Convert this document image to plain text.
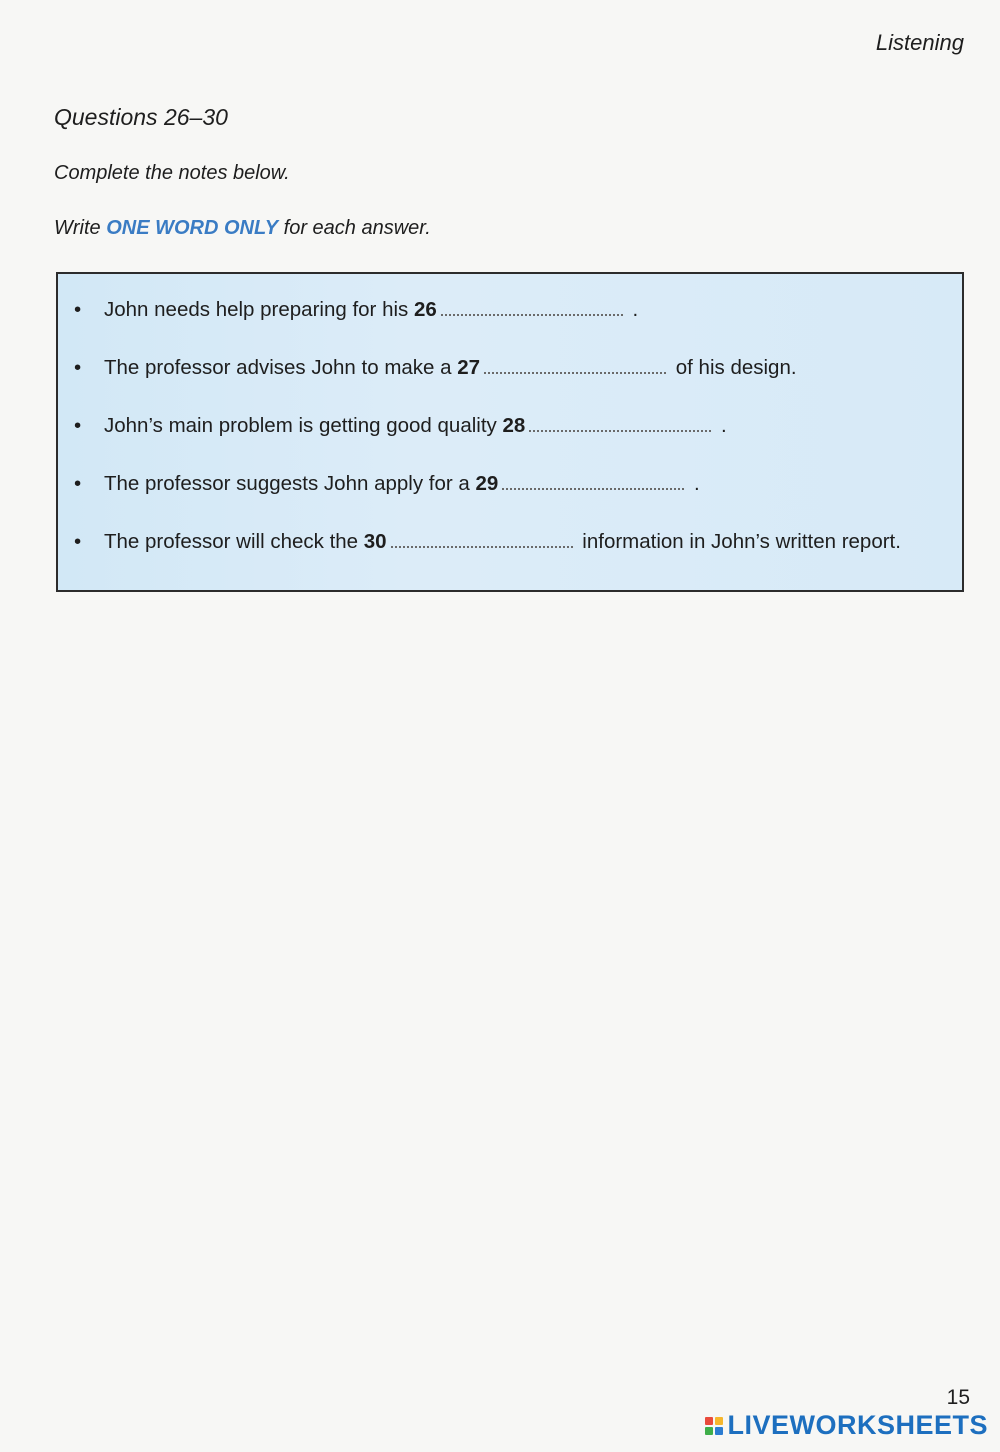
Listening
Questions 26–30
Complete the notes below.
Write ONE WORD ONLY for each answer.
•	John needs help preparing for his 26	.
•	The professor advises John to make a 27	of his design.
•	John’s main problem is getting good quality 28	.
•	The professor suggests John apply for a 29	.
•	The professor will check the 30	information in John’s written report.
15
LIVEWORKSHEETS
